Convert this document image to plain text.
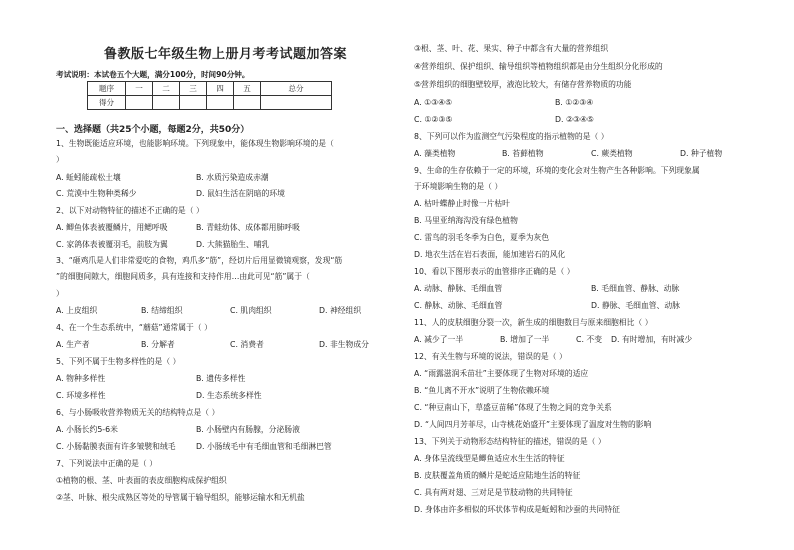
鲁教版七年级生物上册月考考试题加答案
考试说明：本试卷五个大题，满分100分，时间90分钟。
题序	一	二	三	四	五	总分
得分						
一、选择题（共25个小题，每题2分，共50分）
1、生物既能适应环境，也能影响环境。下列现象中，能体现生物影响环境的是（
）
A. 蚯蚓能疏松土壤	B. 水质污染造成赤潮
C. 荒漠中生物种类稀少	D. 鼠妇生活在阴暗的环境
2、以下对动物特征的描述不正确的是（ ）
A. 鲫鱼体表被覆鳞片，用鳃呼吸	B. 青蛙幼体、成体都用肺呼吸
C. 家鸽体表被覆羽毛，前肢为翼	D. 大熊猫胎生、哺乳
3、“砸鸡爪是人们非常爱吃的食物，鸡爪多“筋”，经切片后用显微镜观察，发现“筋
”的细胞间隙大，细胞间质多，具有连接和支持作用…由此可见“筋”属于（
）
A. 上皮组织	B. 结缔组织	C. 肌肉组织	D. 神经组织
4、在一个生态系统中，“蘑菇”通常属于（ ）
A. 生产者	B. 分解者	C. 消费者	D. 非生物成分
5、下列不属于生物多样性的是（ ）
A. 物种多样性	B. 遗传多样性
C. 环境多样性	D. 生态系统多样性
6、与小肠吸收营养物质无关的结构特点是（ ）
A. 小肠长约5-6米	B. 小肠壁内有肠腺，分泌肠液
C. 小肠黏膜表面有许多皱襞和绒毛	D. 小肠绒毛中有毛细血管和毛细淋巴管
7、下列说法中正确的是（ ）
①植物的根、茎、叶表面的表皮细胞构成保护组织
②茎、叶脉、根尖成熟区等处的导管属于输导组织，能够运输水和无机盐
③根、茎、叶、花、果实、种子中都含有大量的营养组织
④营养组织、保护组织、输导组织等植物组织都是由分生组织分化形成的
⑤营养组织的细胞壁较厚，液泡比较大，有储存营养物质的功能
A. ①③④⑤	B. ①②③④
C. ①②③⑤	D. ②③④⑤
8、下列可以作为监测空气污染程度的指示植物的是（ ）
A. 藻类植物	B. 苔藓植物	C. 蕨类植物	D. 种子植物
9、生命的生存依赖于一定的环境，环境的变化会对生物产生各种影响。下列现象属
于环境影响生物的是（ ）
A. 枯叶蝶静止时像一片枯叶
B. 马里亚纳海沟没有绿色植物
C. 雷鸟的羽毛冬季为白色，夏季为灰色
D. 地衣生活在岩石表面，能加速岩石的风化
10、看以下图形表示的血管排序正确的是（ ）
A. 动脉、静脉、毛细血管	B. 毛细血管、静脉、动脉
C. 静脉、动脉、毛细血管	D. 静脉、毛细血管、动脉
11、人的皮肤细胞分裂一次，新生成的细胞数目与原来细胞相比（ ）
A. 减少了一半	B. 增加了一半	C. 不变 D. 有时增加，有时减少
12、有关生物与环境的说法，错误的是（ ）
A. “雨露滋润禾苗壮”主要体现了生物对环境的适应
B. “鱼儿离不开水”说明了生物依赖环境
C. “种豆南山下，草盛豆苗稀”体现了生物之间的竞争关系
D. “人间四月芳菲尽，山寺桃花始盛开”主要体现了温度对生物的影响
13、下列关于动物形态结构特征的描述，错误的是（ ）
A. 身体呈流线型是鲫鱼适应水生生活的特征
B. 皮肤覆盖角质的鳞片是蛇适应陆地生活的特征
C. 具有两对翅、三对足是节肢动物的共同特征
D. 身体由许多相似的环状体节构成是蚯蚓和沙蚕的共同特征
